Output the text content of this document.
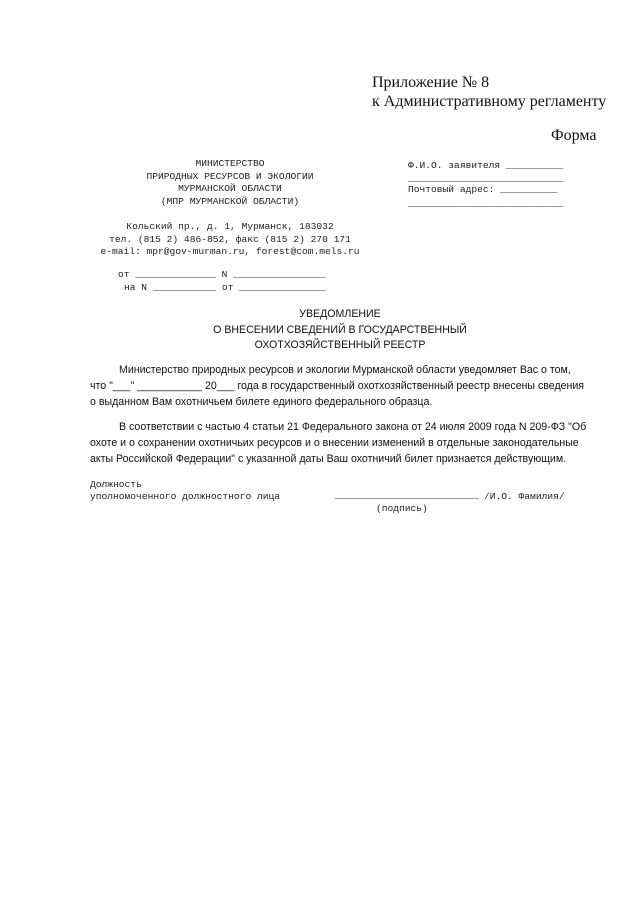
Приложение № 8
к Административному регламенту
Форма
МИНИСТЕРСТВО
ПРИРОДНЫХ РЕСУРСОВ И ЭКОЛОГИИ
МУРМАНСКОЙ ОБЛАСТИ
(МПР МУРМАНСКОЙ ОБЛАСТИ)
Кольский пр., д. 1, Мурманск, 183032
тел. (815 2) 486-852, факс (815 2) 270 171
e-mail: mpr@gov-murman.ru, forest@com.mels.ru
от ______________ N ________________
на N ___________ от _______________
Ф.И.О. заявителя __________
___________________________
Почтовый адрес: __________
___________________________
УВЕДОМЛЕНИЕ
О ВНЕСЕНИИ СВЕДЕНИЙ В ГОСУДАРСТВЕННЫЙ
ОХОТХОЗЯЙСТВЕННЫЙ РЕЕСТР
Министерство природных ресурсов и экологии Мурманской области уведомляет Вас о том,
что "___" ___________ 20___ года в государственный охотхозяйственный реестр внесены сведения
о выданном Вам охотничьем билете единого федерального образца.
В соответствии с частью 4 статьи 21 Федерального закона от 24 июля 2009 года N 209-ФЗ "Об
охоте и о сохранении охотничьих ресурсов и о внесении изменений в отдельные законодательные
акты Российской Федерации" с указанной даты Ваш охотничий билет признается действующим.
Должность
уполномоченного должностного лица	_________________________ /И.О. Фамилия/
(подпись)
